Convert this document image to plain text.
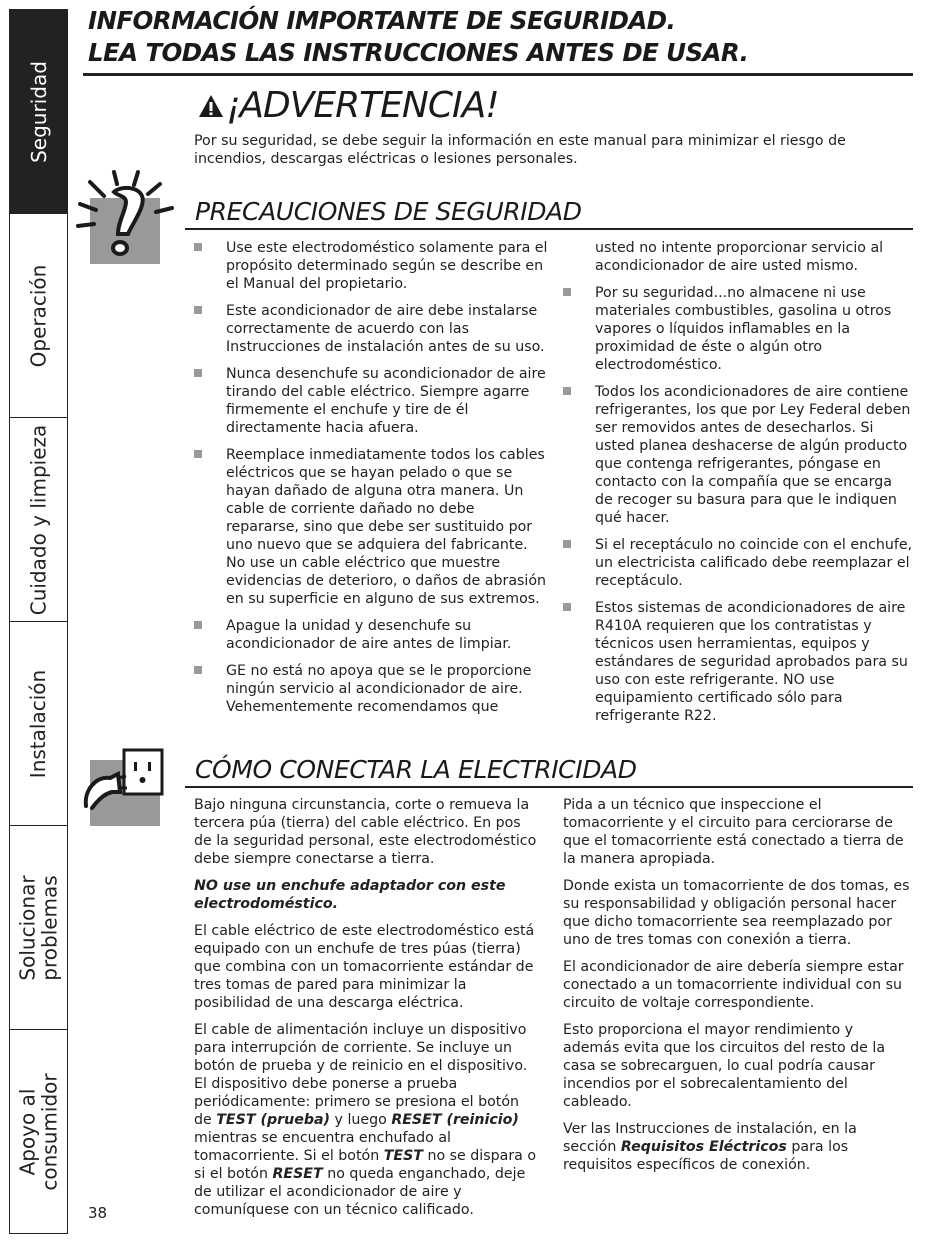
Seguridad
Operación
Cuidado y limpieza
Instalación
Solucionar
problemas
Apoyo al
consumidor
INFORMACIÓN IMPORTANTE DE SEGURIDAD.
LEA TODAS LAS INSTRUCCIONES ANTES DE USAR.
¡ADVERTENCIA!
Por su seguridad, se debe seguir la información en este manual para minimizar el riesgo de
incendios, descargas eléctricas o lesiones personales.
PRECAUCIONES DE SEGURIDAD

Use este electrodoméstico solamente para el propósito determinado según se describe en el Manual del propietario.

Este acondicionador de aire debe instalarse correctamente de acuerdo con las Instrucciones de instalación antes de su uso.

Nunca desenchufe su acondicionador de aire tirando del cable eléctrico. Siempre agarre firmemente el enchufe y tire de él directamente hacia afuera.

Reemplace inmediatamente todos los cables eléctricos que se hayan pelado o que se hayan dañado de alguna otra manera. Un cable de corriente dañado no debe repararse, sino que debe ser sustituido por uno nuevo que se adquiera del fabricante. No use un cable eléctrico que muestre evidencias de deterioro, o daños de abrasión en su superficie en alguno de sus extremos.

Apague la unidad y desenchufe su acondicionador de aire antes de limpiar.

GE no está no apoya que se le proporcione ningún servicio al acondicionador de aire. Vehementemente recomendamos que

usted no intente proporcionar servicio al acondicionador de aire usted mismo.

Por su seguridad...no almacene ni use materiales combustibles, gasolina u otros vapores o líquidos inflamables en la proximidad de éste o algún otro electrodoméstico.

Todos los acondicionadores de aire contiene refrigerantes, los que por Ley Federal deben ser removidos antes de desecharlos. Si usted planea deshacerse de algún producto que contenga refrigerantes, póngase en contacto con la compañía que se encarga de recoger su basura para que le indiquen qué hacer.

Si el receptáculo no coincide con el enchufe, un electricista calificado debe reemplazar el receptáculo.

Estos sistemas de acondicionadores de aire R410A requieren que los contratistas y técnicos usen herramientas, equipos y estándares de seguridad aprobados para su uso con este refrigerante. NO use equipamiento certificado sólo para refrigerante R22.

CÓMO CONECTAR LA ELECTRICIDAD

Bajo ninguna circunstancia, corte o remueva la tercera púa (tierra) del cable eléctrico. En pos de la seguridad personal, este electrodoméstico debe siempre conectarse a tierra.

NO use un enchufe adaptador con este electrodoméstico.

El cable eléctrico de este electrodoméstico está equipado con un enchufe de tres púas (tierra) que combina con un tomacorriente estándar de tres tomas de pared para minimizar la posibilidad de una descarga eléctrica.

El cable de alimentación incluye un dispositivo para interrupción de corriente. Se incluye un botón de prueba y de reinicio en el dispositivo. El dispositivo debe ponerse a prueba periódicamente: primero se presiona el botón de TEST (prueba) y luego RESET (reinicio) mientras se encuentra enchufado al tomacorriente. Si el botón TEST no se dispara o si el botón RESET no queda enganchado, deje de utilizar el acondicionador de aire y comuníquese con un técnico calificado.

Pida a un técnico que inspeccione el tomacorriente y el circuito para cerciorarse de que el tomacorriente está conectado a tierra de la manera apropiada.

Donde exista un tomacorriente de dos tomas, es su responsabilidad y obligación personal hacer que dicho tomacorriente sea reemplazado por uno de tres tomas con conexión a tierra.

El acondicionador de aire debería siempre estar conectado a un tomacorriente individual con su circuito de voltaje correspondiente.

Esto proporciona el mayor rendimiento y además evita que los circuitos del resto de la casa se sobrecarguen, lo cual podría causar incendios por el sobrecalentamiento del cableado.

Ver las Instrucciones de instalación, en la sección Requisitos Eléctricos para los requisitos específicos de conexión.

38
